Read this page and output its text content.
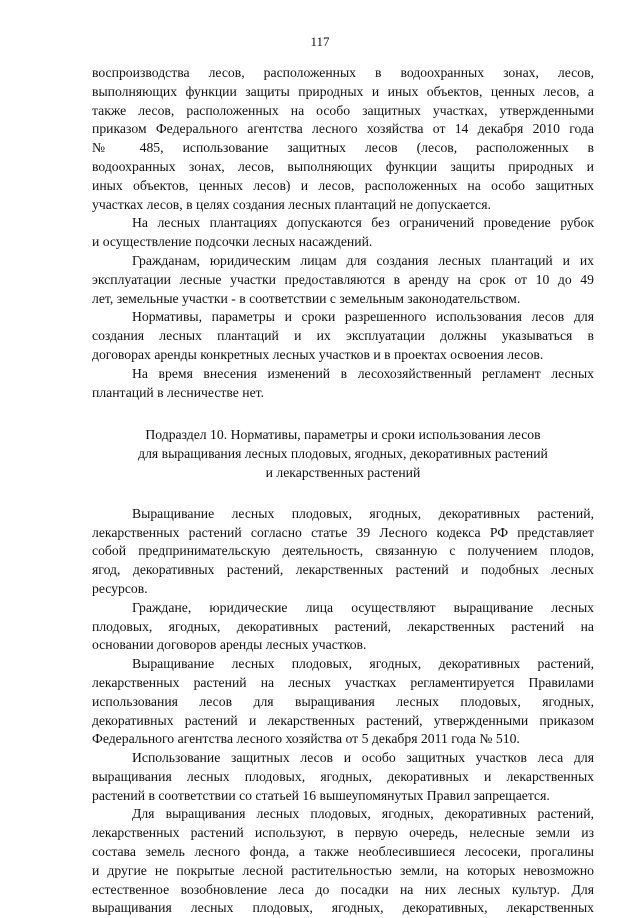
117

воспроизводства лесов, расположенных в водоохранных зонах, лесов,
выполняющих функции защиты природных и иных объектов, ценных лесов, а
также лесов, расположенных на особо защитных участках, утвержденными
приказом Федерального агентства лесного хозяйства от 14 декабря 2010 года
№ 485, использование защитных лесов (лесов, расположенных в
водоохранных зонах, лесов, выполняющих функции защиты природных и
иных объектов, ценных лесов) и лесов, расположенных на особо защитных
участках лесов, в целях создания лесных плантаций не допускается.

На лесных плантациях допускаются без ограничений проведение рубок
и осуществление подсочки лесных насаждений.

Гражданам, юридическим лицам для создания лесных плантаций и их
эксплуатации лесные участки предоставляются в аренду на срок от 10 до 49
лет, земельные участки - в соответствии с земельным законодательством.

Нормативы, параметры и сроки разрешенного использования лесов для
создания лесных плантаций и их эксплуатации должны указываться в
договорах аренды конкретных лесных участков и в проектах освоения лесов.

На время внесения изменений в лесохозяйственный регламент лесных
плантаций в лесничестве нет.

Подраздел 10. Нормативы, параметры и сроки использования лесов
для выращивания лесных плодовых, ягодных, декоративных растений
и лекарственных растений

Выращивание лесных плодовых, ягодных, декоративных растений,
лекарственных растений согласно статье 39 Лесного кодекса РФ представляет
собой предпринимательскую деятельность, связанную с получением плодов,
ягод, декоративных растений, лекарственных растений и подобных лесных
ресурсов.

Граждане, юридические лица осуществляют выращивание лесных
плодовых, ягодных, декоративных растений, лекарственных растений на
основании договоров аренды лесных участков.

Выращивание лесных плодовых, ягодных, декоративных растений,
лекарственных растений на лесных участках регламентируется Правилами
использования лесов для выращивания лесных плодовых, ягодных,
декоративных растений и лекарственных растений, утвержденными приказом
Федерального агентства лесного хозяйства от 5 декабря 2011 года № 510.

Использование защитных лесов и особо защитных участков леса для
выращивания лесных плодовых, ягодных, декоративных и лекарственных
растений в соответствии со статьей 16 вышеупомянутых Правил запрещается.

Для выращивания лесных плодовых, ягодных, декоративных растений,
лекарственных растений используют, в первую очередь, нелесные земли из
состава земель лесного фонда, а также необлесившиеся лесосеки, прогалины
и другие не покрытые лесной растительностью земли, на которых невозможно
естественное возобновление леса до посадки на них лесных культур. Для
выращивания лесных плодовых, ягодных, декоративных, лекарственных
